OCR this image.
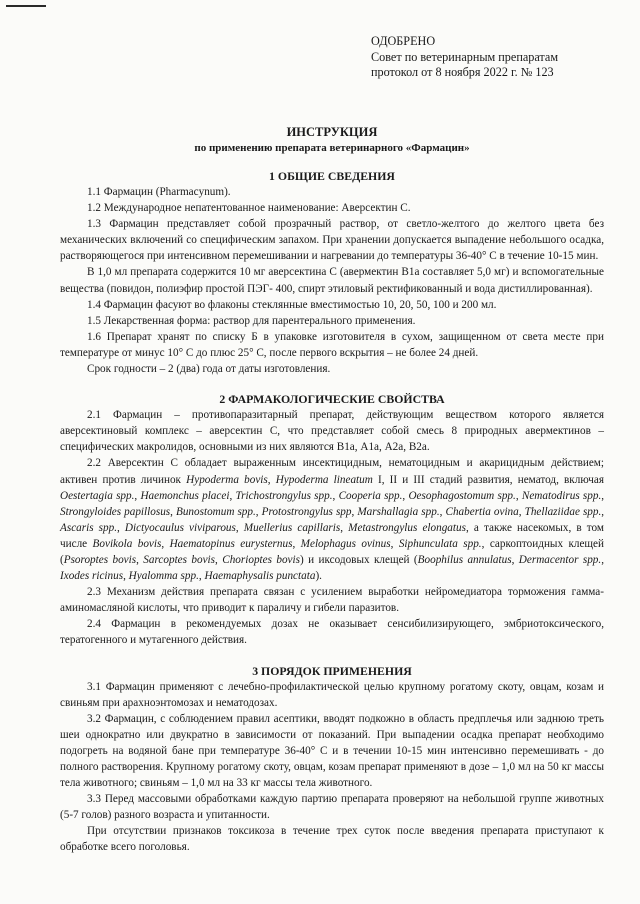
ОДОБРЕНО
Совет по ветеринарным препаратам
протокол от 8 ноября 2022 г. № 123
ИНСТРУКЦИЯ
по применению препарата ветеринарного «Фармацин»
1 ОБЩИЕ СВЕДЕНИЯ

1.1 Фармацин (Pharmacynum).

1.2 Международное непатентованное наименование: Аверсектин С.

1.3 Фармацин представляет собой прозрачный раствор, от светло-желтого до желтого цвета без механических включений со специфическим запахом. При хранении допускается выпадение небольшого осадка, растворяющегося при интенсивном перемешивании и нагревании до температуры 36-40° С в течение 10-15 мин.

В 1,0 мл препарата содержится 10 мг аверсектина С (авермектин В1а составляет 5,0 мг) и вспомогательные вещества (повидон, полиэфир простой ПЭГ- 400, спирт этиловый ректификованный и вода дистиллированная).

1.4 Фармацин фасуют во флаконы стеклянные вместимостью 10, 20, 50, 100 и 200 мл.

1.5 Лекарственная форма: раствор для парентерального применения.

1.6 Препарат хранят по списку Б в упаковке изготовителя в сухом, защищенном от света месте при температуре от минус 10° С до плюс 25° С, после первого вскрытия – не более 24 дней.

Срок годности – 2 (два) года от даты изготовления.

2 ФАРМАКОЛОГИЧЕСКИЕ СВОЙСТВА

2.1 Фармацин – противопаразитарный препарат, действующим веществом которого является аверсектиновый комплекс – аверсектин С, что представляет собой смесь 8 природных авермектинов – специфических макролидов, основными из них являются В1а, А1а, А2а, В2а.

2.2 Аверсектин С обладает выраженным инсектицидным, нематоцидным и акарицидным действием; активен против личинок Hypoderma bovis, Hypoderma lineatum I, II и III стадий развития, нематод, включая Oestertagia spp., Haemonchus placei, Trichostrongylus spp., Cooperia spp., Oesophagostomum spp., Nematodirus spp., Strongyloides papillosus, Bunostomum spp., Protostrongylus spp, Marshallagia spp., Chabertia ovina, Thellaziidae spp., Ascaris spp., Dictyocaulus viviparous, Muellerius capillaris, Metastrongylus elongatus, а также насекомых, в том числе Bovikola bovis, Haematopinus eurysternus, Melophagus ovinus, Siphunculata spp., саркоптоидных клещей (Psoroptes bovis, Sarcoptes bovis, Chorioptes bovis) и иксодовых клещей (Boophilus annulatus, Dermacentor spp., Ixodes ricinus, Hyalomma spp., Haemaphysalis punctata).

2.3 Механизм действия препарата связан с усилением выработки нейромедиатора торможения гамма-аминомасляной кислоты, что приводит к параличу и гибели паразитов.

2.4 Фармацин в рекомендуемых дозах не оказывает сенсибилизирующего, эмбриотоксического, тератогенного и мутагенного действия.

3 ПОРЯДОК ПРИМЕНЕНИЯ

3.1 Фармацин применяют с лечебно-профилактической целью крупному рогатому скоту, овцам, козам и свиньям при арахноэнтомозах и нематодозах.

3.2 Фармацин, с соблюдением правил асептики, вводят подкожно в область предплечья или заднюю треть шеи однократно или двукратно в зависимости от показаний. При выпадении осадка препарат необходимо подогреть на водяной бане при температуре 36-40° С и в течении 10-15 мин интенсивно перемешивать - до полного растворения. Крупному рогатому скоту, овцам, козам препарат применяют в дозе – 1,0 мл на 50 кг массы тела животного; свиньям – 1,0 мл на 33 кг массы тела животного.

3.3 Перед массовыми обработками каждую партию препарата проверяют на небольшой группе животных (5-7 голов) разного возраста и упитанности.

При отсутствии признаков токсикоза в течение трех суток после введения препарата приступают к обработке всего поголовья.
